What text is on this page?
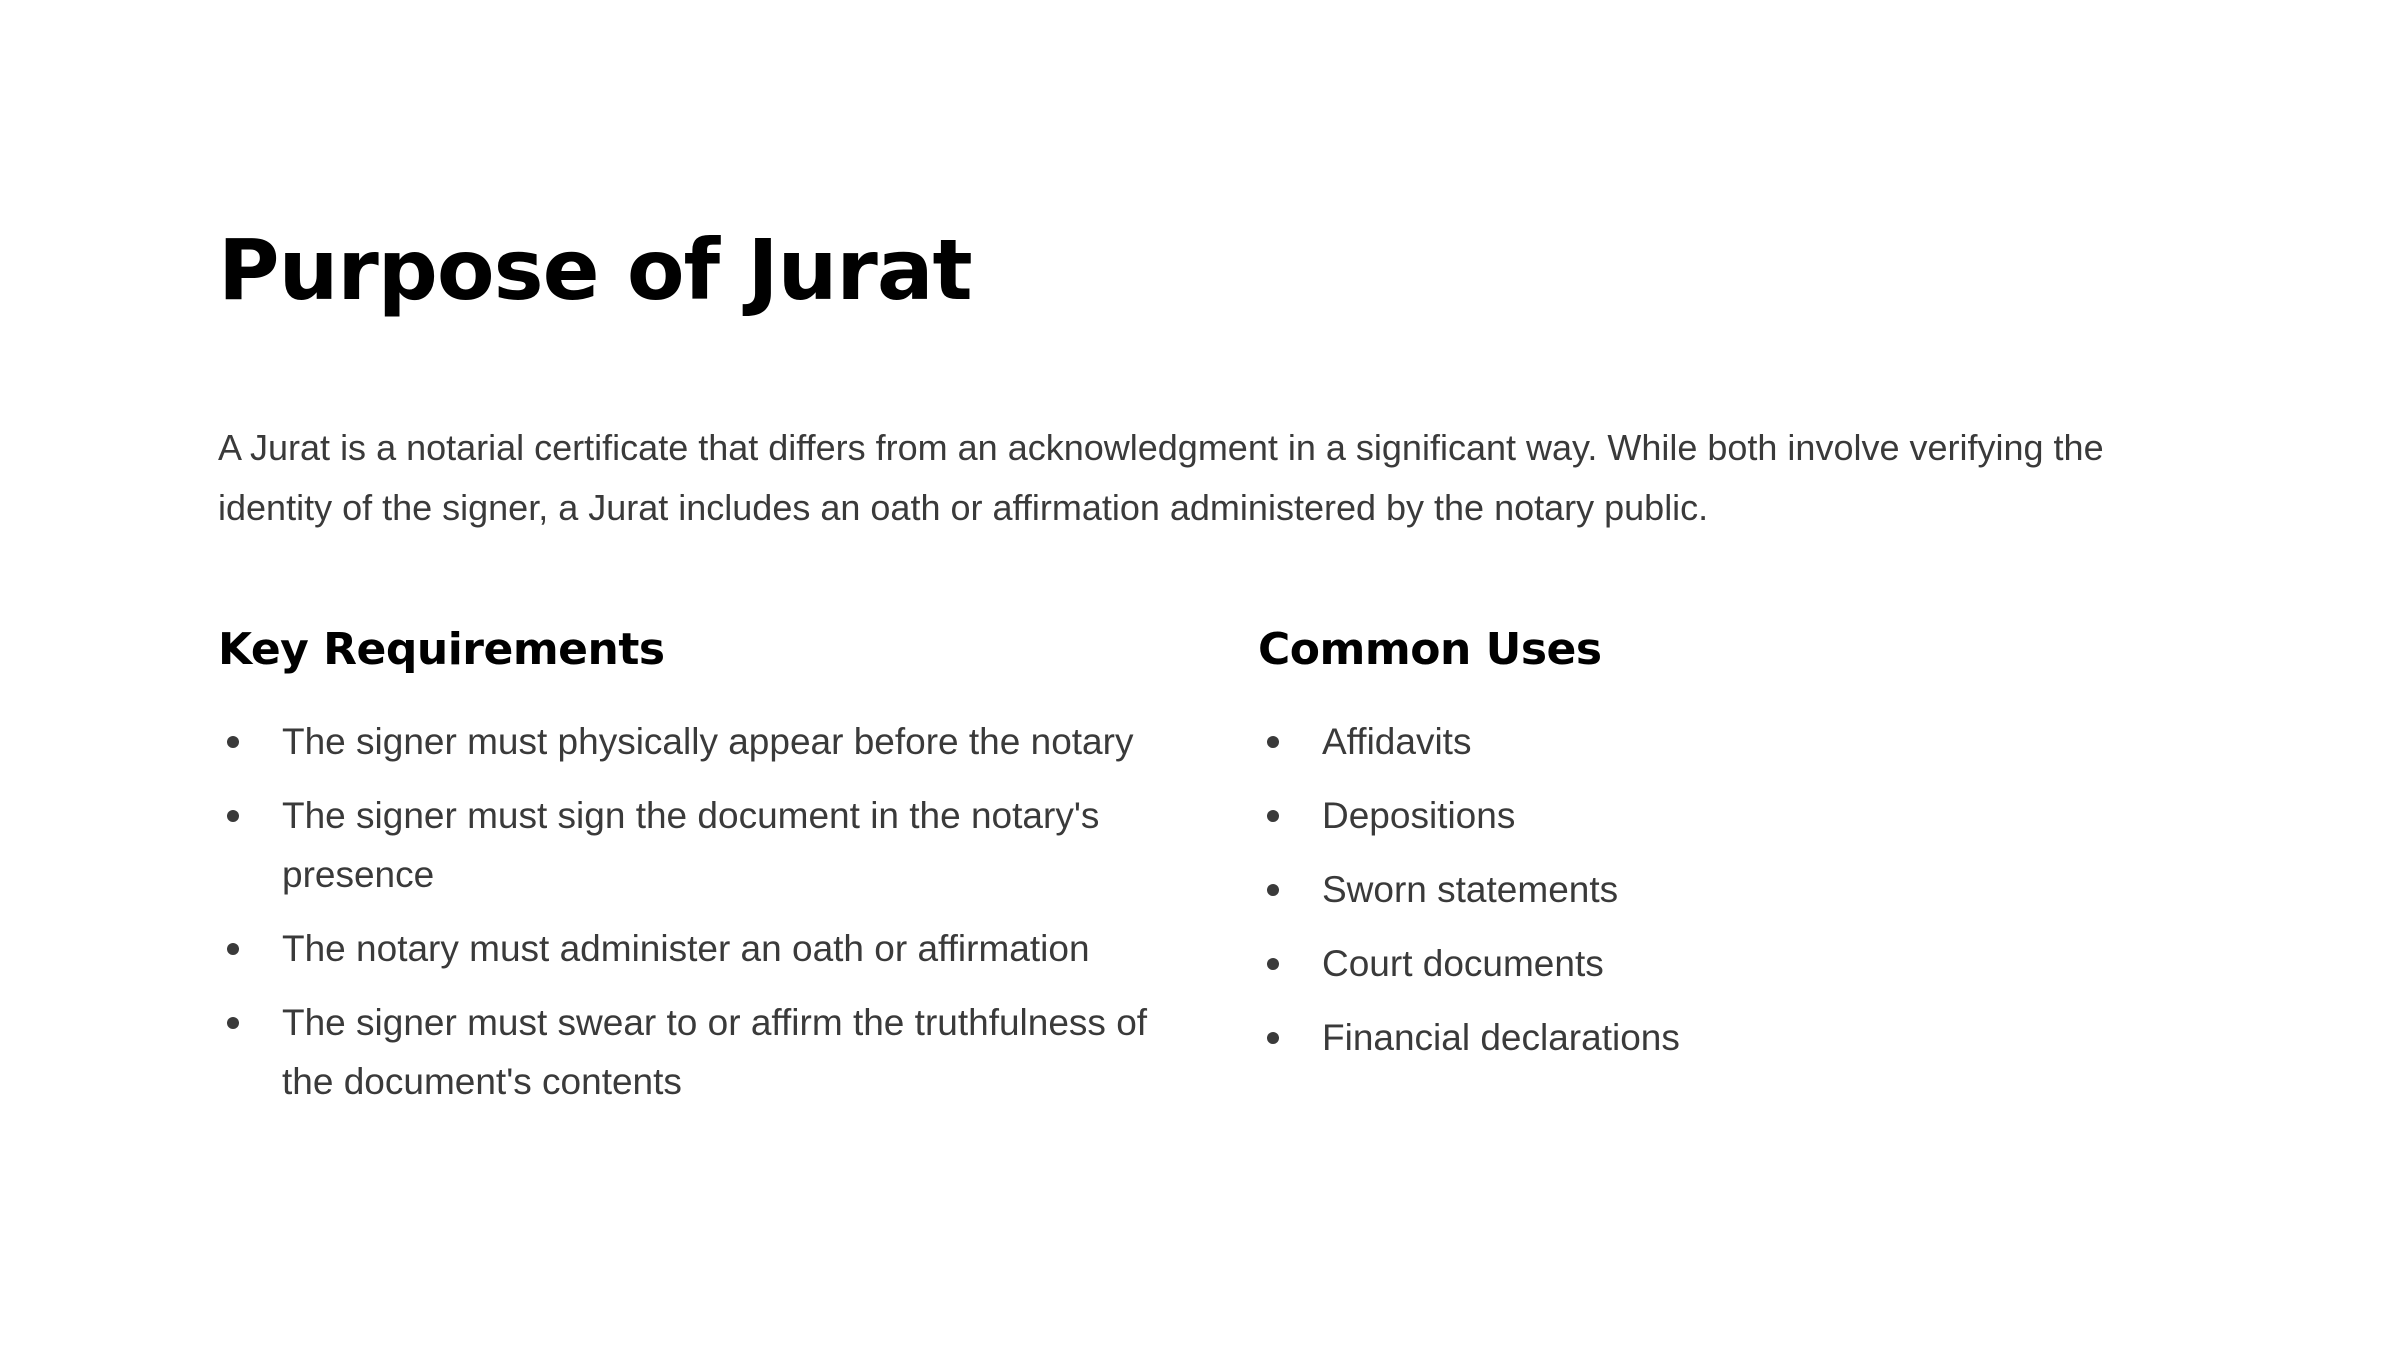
Purpose of Jurat

A Jurat is a notarial certificate that differs from an acknowledgment in a significant way. While both involve verifying the identity of the signer, a Jurat includes an oath or affirmation administered by the notary public.

Key Requirements
The signer must physically appear before the notary
The signer must sign the document in the notary's presence
The notary must administer an oath or affirmation
The signer must swear to or affirm the truthfulness of the document's contents
Common Uses
Affidavits
Depositions
Sworn statements
Court documents
Financial declarations
